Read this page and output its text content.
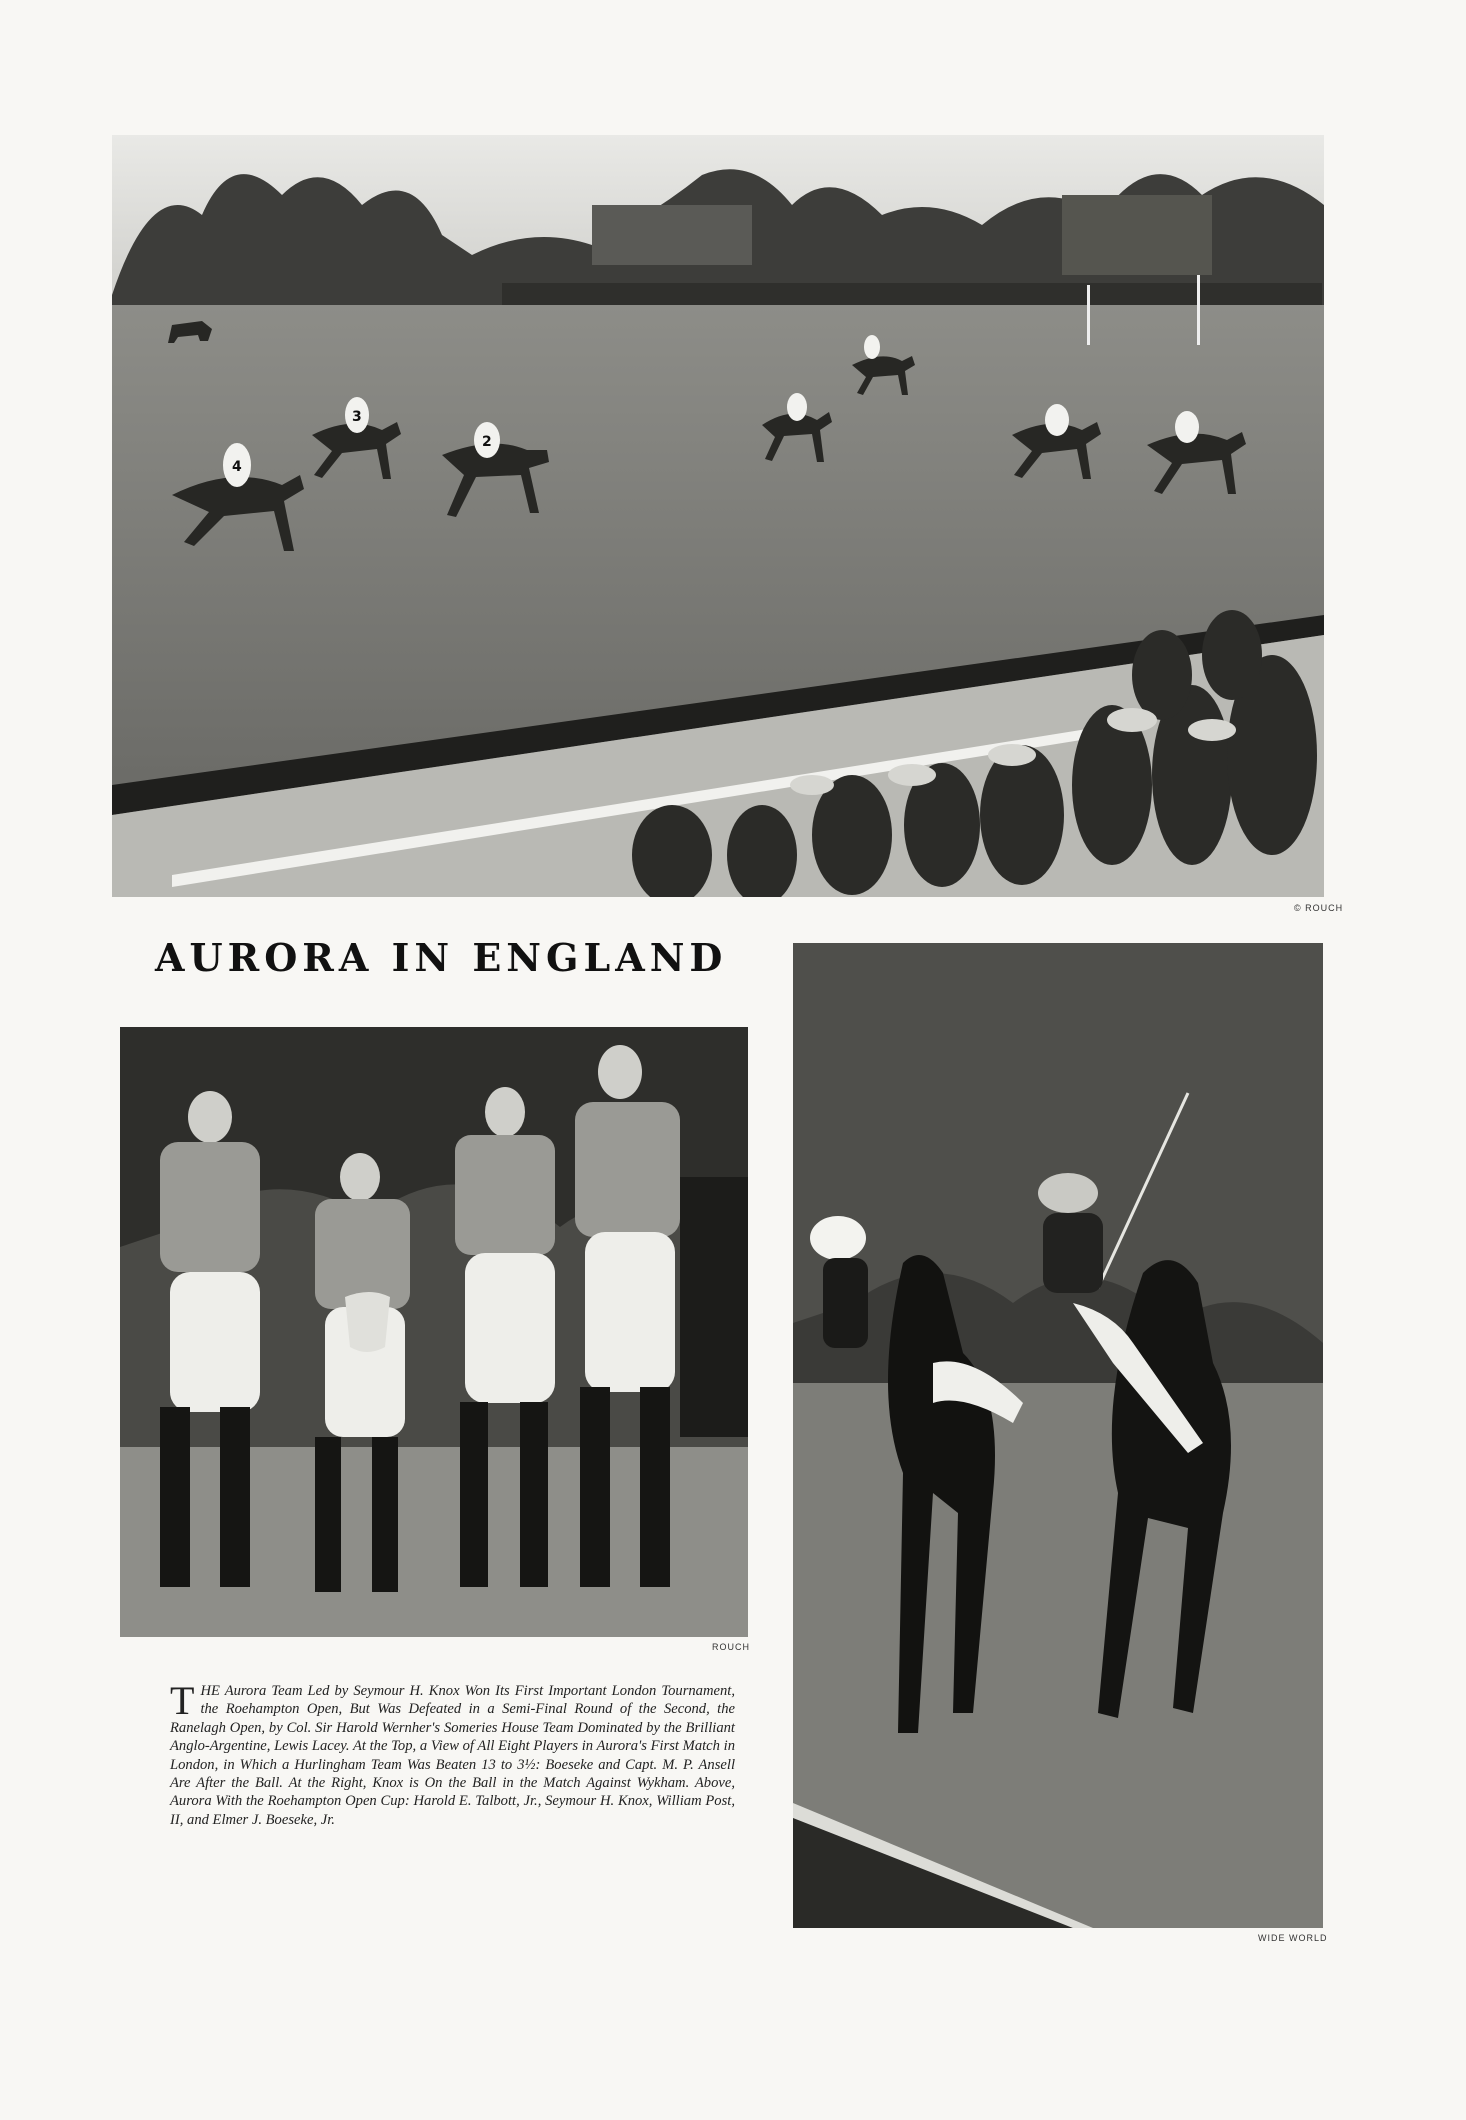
4
3
2
© ROUCH
AURORA IN ENGLAND
ROUCH
THE Aurora Team Led by Seymour H. Knox Won Its First Important London Tournament, the Roehampton Open, But Was Defeated in a Semi-Final Round of the Second, the Ranelagh Open, by Col. Sir Harold Wernher's Someries House Team Dominated by the Brilliant Anglo-Argentine, Lewis Lacey. At the Top, a View of All Eight Players in Aurora's First Match in London, in Which a Hurlingham Team Was Beaten 13 to 3½: Boeseke and Capt. M. P. Ansell Are After the Ball. At the Right, Knox is On the Ball in the Match Against Wykham. Above, Aurora With the Roehampton Open Cup: Harold E. Talbott, Jr., Seymour H. Knox, William Post, II, and Elmer J. Boeseke, Jr.
WIDE WORLD
